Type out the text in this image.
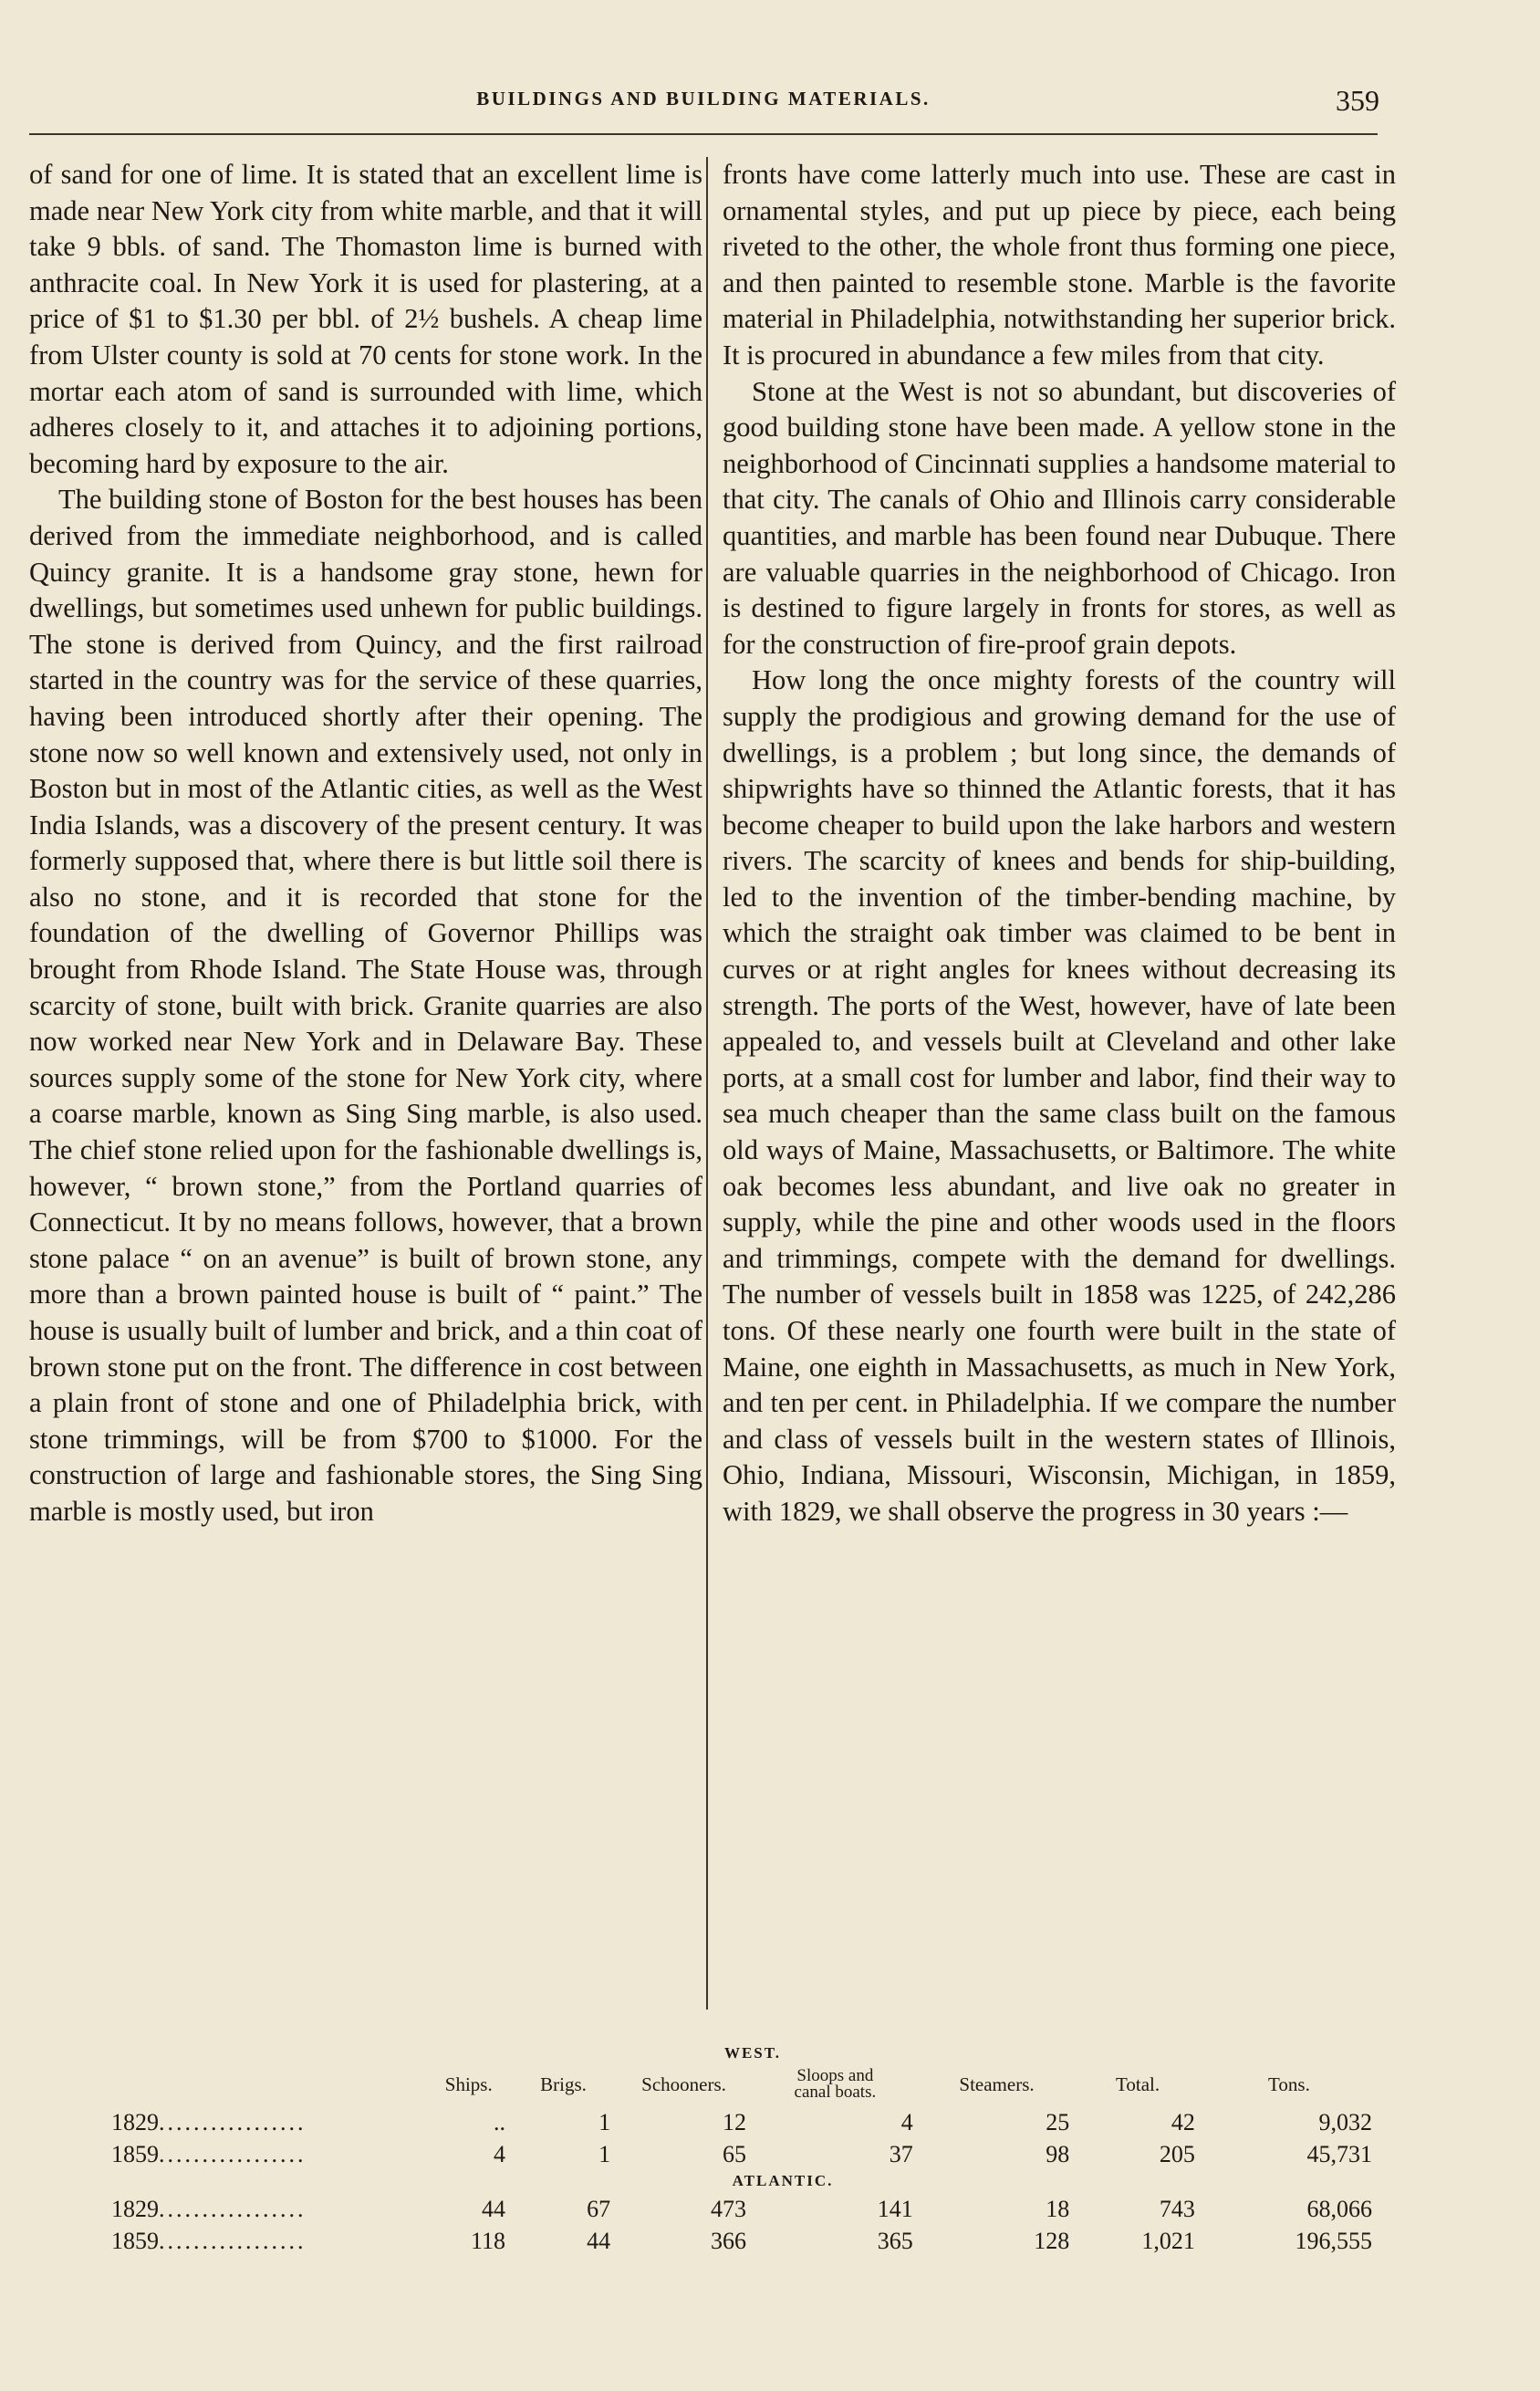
BUILDINGS AND BUILDING MATERIALS.	359

of sand for one of lime. It is stated that an excellent lime is made near New York city from white marble, and that it will take 9 bbls. of sand. The Thomaston lime is burned with anthracite coal. In New York it is used for plastering, at a price of $1 to $1.30 per bbl. of 2½ bushels. A cheap lime from Ulster county is sold at 70 cents for stone work. In the mortar each atom of sand is surrounded with lime, which adheres closely to it, and attaches it to adjoining portions, becoming hard by exposure to the air.

The building stone of Boston for the best houses has been derived from the immediate neighborhood, and is called Quincy granite. It is a handsome gray stone, hewn for dwellings, but sometimes used unhewn for public buildings. The stone is derived from Quincy, and the first railroad started in the country was for the service of these quarries, having been introduced shortly after their opening. The stone now so well known and extensively used, not only in Boston but in most of the Atlantic cities, as well as the West India Islands, was a discovery of the present century. It was formerly supposed that, where there is but little soil there is also no stone, and it is recorded that stone for the foundation of the dwelling of Governor Phillips was brought from Rhode Island. The State House was, through scarcity of stone, built with brick. Granite quarries are also now worked near New York and in Delaware Bay. These sources supply some of the stone for New York city, where a coarse marble, known as Sing Sing marble, is also used. The chief stone relied upon for the fashionable dwellings is, however, “ brown stone,” from the Portland quarries of Connecticut. It by no means follows, however, that a brown stone palace “ on an avenue” is built of brown stone, any more than a brown painted house is built of “ paint.” The house is usually built of lumber and brick, and a thin coat of brown stone put on the front. The difference in cost between a plain front of stone and one of Philadelphia brick, with stone trimmings, will be from $700 to $1000. For the construction of large and fashionable stores, the Sing Sing marble is mostly used, but iron

fronts have come latterly much into use. These are cast in ornamental styles, and put up piece by piece, each being riveted to the other, the whole front thus forming one piece, and then painted to resemble stone. Marble is the favorite material in Philadelphia, notwithstanding her superior brick. It is procured in abundance a few miles from that city.

Stone at the West is not so abundant, but discoveries of good building stone have been made. A yellow stone in the neighborhood of Cincinnati supplies a handsome material to that city. The canals of Ohio and Illinois carry considerable quantities, and marble has been found near Dubuque. There are valuable quarries in the neighborhood of Chicago. Iron is destined to figure largely in fronts for stores, as well as for the construction of fire-proof grain depots.

How long the once mighty forests of the country will supply the prodigious and growing demand for the use of dwellings, is a problem ; but long since, the demands of shipwrights have so thinned the Atlantic forests, that it has become cheaper to build upon the lake harbors and western rivers. The scarcity of knees and bends for ship-building, led to the invention of the timber-bending machine, by which the straight oak timber was claimed to be bent in curves or at right angles for knees without decreasing its strength. The ports of the West, however, have of late been appealed to, and vessels built at Cleveland and other lake ports, at a small cost for lumber and labor, find their way to sea much cheaper than the same class built on the famous old ways of Maine, Massachusetts, or Baltimore. The white oak becomes less abundant, and live oak no greater in supply, while the pine and other woods used in the floors and trimmings, compete with the demand for dwellings. The number of vessels built in 1858 was 1225, of 242,286 tons. Of these nearly one fourth were built in the state of Maine, one eighth in Massachusetts, as much in New York, and ten per cent. in Philadelphia. If we compare the number and class of vessels built in the western states of Illinois, Ohio, Indiana, Missouri, Wisconsin, Michigan, in 1859, with 1829, we shall observe the progress in 30 years :—

WEST.
	Ships.	Brigs.	Schooners.	Sloops and
canal boats.	Steamers.	Total.	Tons.
1829.................	..	1	12	4	25	42	9,032
1859.................	4	1	65	37	98	205	45,731
ATLANTIC.							
1829.................	44	67	473	141	18	743	68,066
1859.................	118	44	366	365	128	1,021	196,555
